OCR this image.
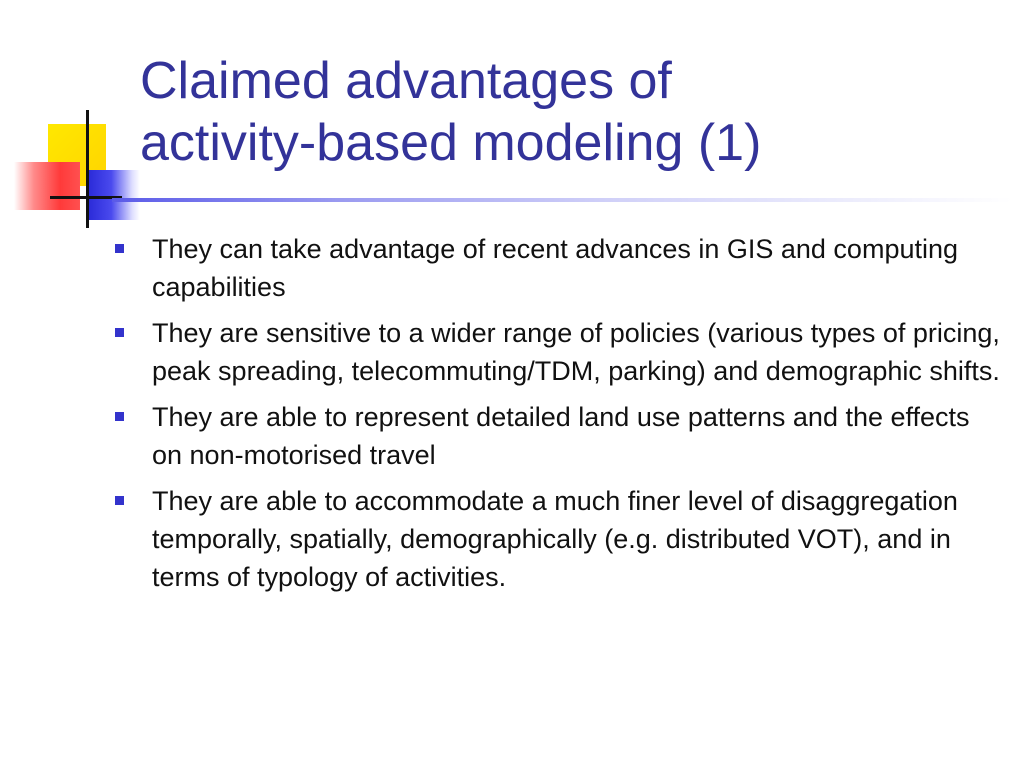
Claimed advantages of
activity-based modeling (1)
They can take advantage of recent advances in GIS and computing capabilities
They are sensitive to a wider range of policies (various types of pricing, peak spreading, telecommuting/TDM, parking) and demographic shifts.
They are able to represent detailed land use patterns and the effects on non-motorised travel
They are able to accommodate a much finer level of disaggregation temporally, spatially, demographically (e.g. distributed VOT), and in terms of typology of activities.
